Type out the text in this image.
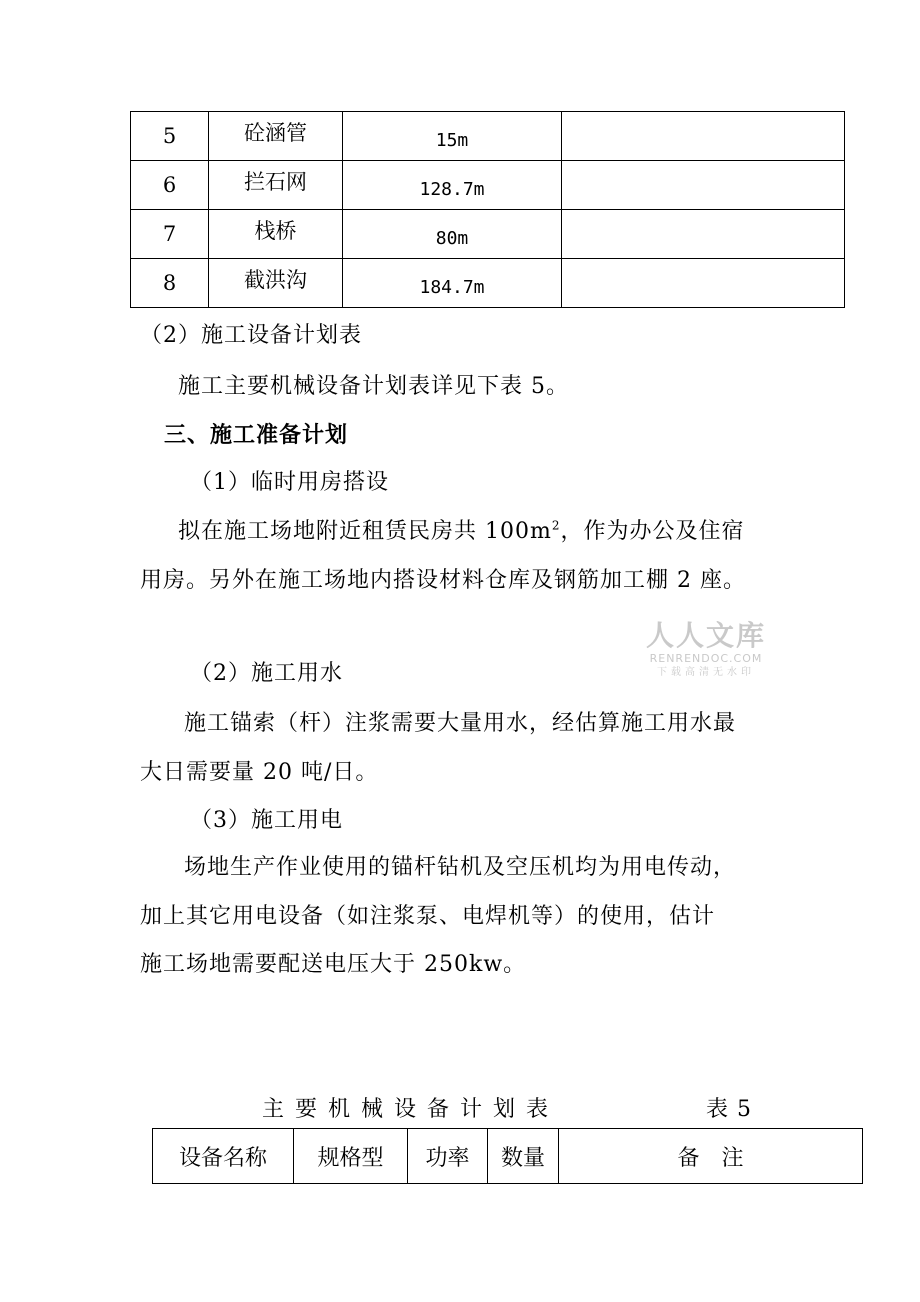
5	砼涵管	15m	
6	拦石网	128.7m	
7	栈桥	80m	
8	截洪沟	184.7m	
（2）施工设备计划表
施工主要机械设备计划表详见下表 5。
三、施工准备计划
（1）临时用房搭设
拟在施工场地附近租赁民房共 $100m^2$，作为办公及住宿
用房。另外在施工场地内搭设材料仓库及钢筋加工棚 2 座。
人人文库
RENRENDOC.COM
下载高清无水印
（2）施工用水
施工锚索（杆）注浆需要大量用水，经估算施工用水最
大日需要量 20 吨/日。
（3）施工用电
场地生产作业使用的锚杆钻机及空压机均为用电传动，
加上其它用电设备（如注浆泵、电焊机等）的使用，估计
施工场地需要配送电压大于 250kw。
主 要 机 械 设 备 计 划 表	表 5
设备名称	规格型	功率	数量	备　注
